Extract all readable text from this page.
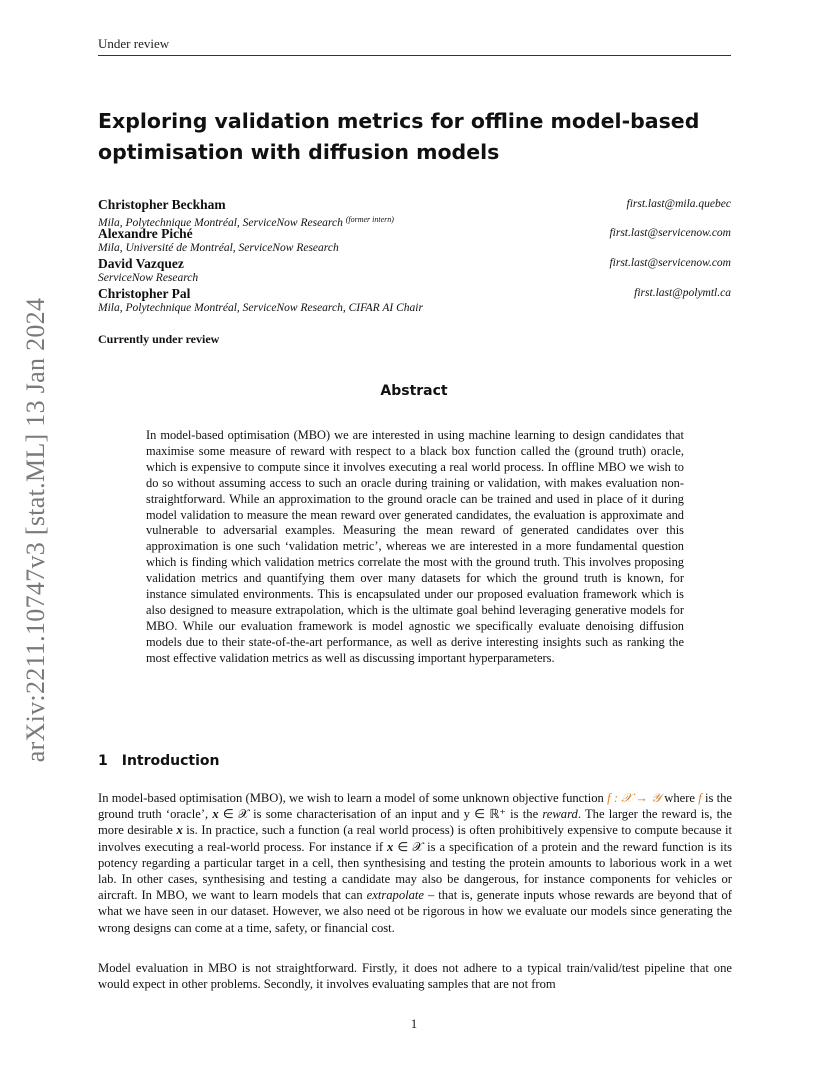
Under review
arXiv:2211.10747v3 [stat.ML] 13 Jan 2024
Exploring validation metrics for offline model-based optimisation with diffusion models
Christopher Beckham
Mila, Polytechnique Montréal, ServiceNow Research $^{(former intern)}$
first.last@mila.quebec
Alexandre Piché
Mila, Université de Montréal, ServiceNow Research
first.last@servicenow.com
David Vazquez
ServiceNow Research
first.last@servicenow.com
Christopher Pal
Mila, Polytechnique Montréal, ServiceNow Research, CIFAR AI Chair
first.last@polymtl.ca
Currently under review
Abstract
In model-based optimisation (MBO) we are interested in using machine learning to design candidates that maximise some measure of reward with respect to a black box function called the (ground truth) oracle, which is expensive to compute since it involves executing a real world process. In offline MBO we wish to do so without assuming access to such an oracle during training or validation, with makes evaluation non-straightforward. While an approximation to the ground oracle can be trained and used in place of it during model validation to measure the mean reward over generated candidates, the evaluation is approximate and vulnerable to adversarial examples. Measuring the mean reward of generated candidates over this approximation is one such ‘validation metric’, whereas we are interested in a more fundamental question which is finding which validation metrics correlate the most with the ground truth. This involves proposing validation metrics and quantifying them over many datasets for which the ground truth is known, for instance simulated environments. This is encapsulated under our proposed evaluation framework which is also designed to measure extrapolation, which is the ultimate goal behind leveraging generative models for MBO. While our evaluation framework is model agnostic we specifically evaluate denoising diffusion models due to their state-of-the-art performance, as well as derive interesting insights such as ranking the most effective validation metrics as well as discussing important hyperparameters.
1 Introduction

In model-based optimisation (MBO), we wish to learn a model of some unknown objective function f : 𝒳 → 𝒴 where f is the ground truth ‘oracle’, x ∈ 𝒳 is some characterisation of an input and y ∈ ℝ⁺ is the reward. The larger the reward is, the more desirable x is. In practice, such a function (a real world process) is often prohibitively expensive to compute because it involves executing a real-world process. For instance if x ∈ 𝒳 is a specification of a protein and the reward function is its potency regarding a particular target in a cell, then synthesising and testing the protein amounts to laborious work in a wet lab. In other cases, synthesising and testing a candidate may also be dangerous, for instance components for vehicles or aircraft. In MBO, we want to learn models that can extrapolate – that is, generate inputs whose rewards are beyond that of what we have seen in our dataset. However, we also need ot be rigorous in how we evaluate our models since generating the wrong designs can come at a time, safety, or financial cost.

Model evaluation in MBO is not straightforward. Firstly, it does not adhere to a typical train/valid/test pipeline that one would expect in other problems. Secondly, it involves evaluating samples that are not from

1
